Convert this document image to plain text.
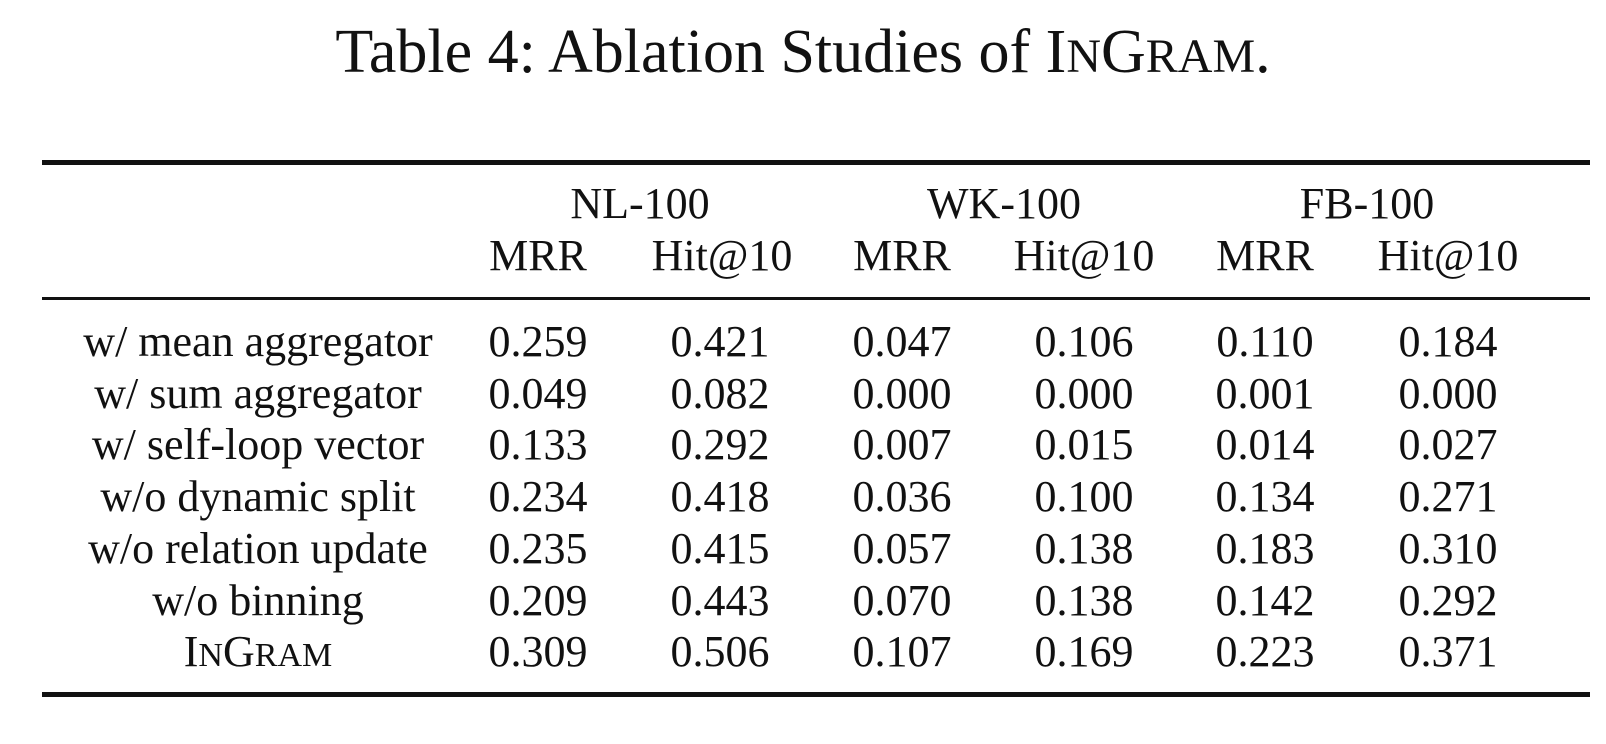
Table 4: Ablation Studies of INGRAM.
NL-100	WK-100	FB-100
MRR	Hit@10	MRR	Hit@10	MRR	Hit@10
w/ mean aggregator	0.259	0.421	0.047	0.106	0.110	0.184
w/ sum aggregator	0.049	0.082	0.000	0.000	0.001	0.000
w/ self-loop vector	0.133	0.292	0.007	0.015	0.014	0.027
w/o dynamic split	0.234	0.418	0.036	0.100	0.134	0.271
w/o relation update	0.235	0.415	0.057	0.138	0.183	0.310
w/o binning	0.209	0.443	0.070	0.138	0.142	0.292
INGRAM	0.309	0.506	0.107	0.169	0.223	0.371
